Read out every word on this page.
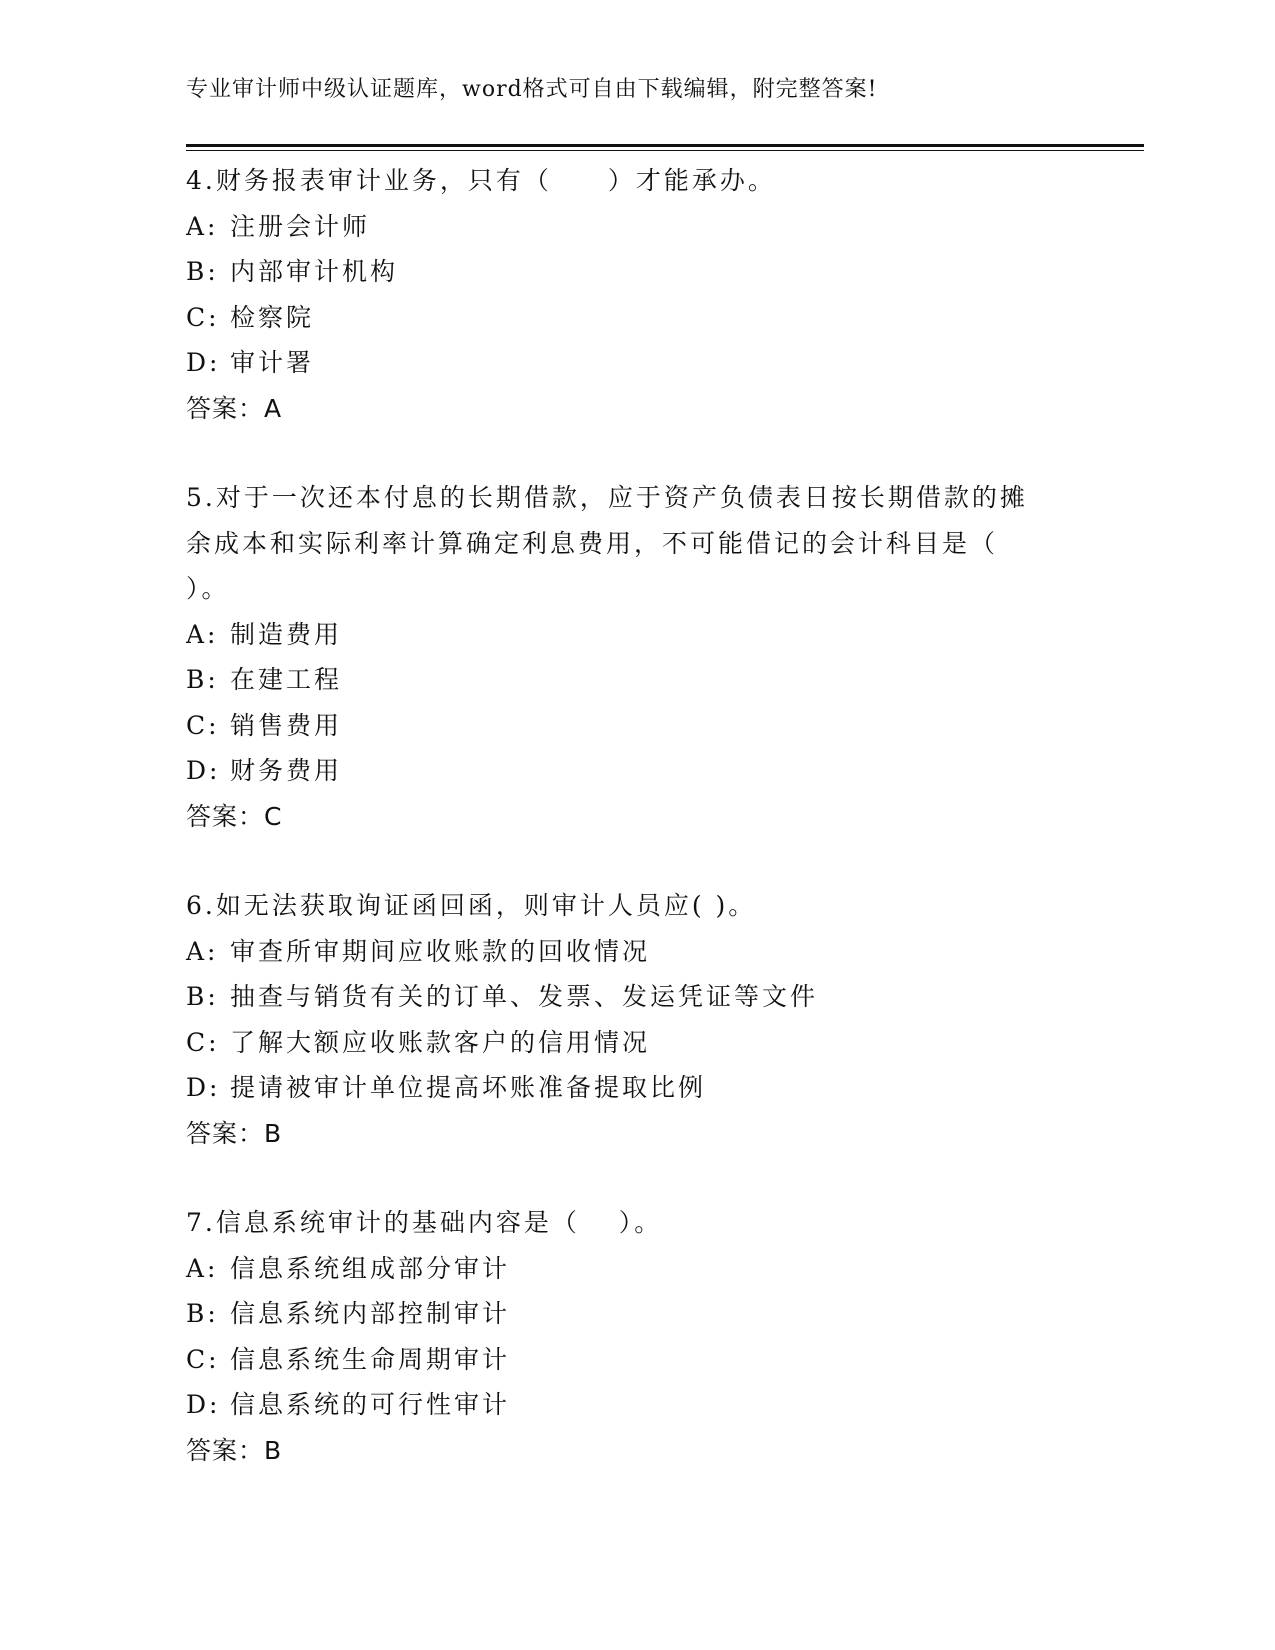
专业审计师中级认证题库，word格式可自由下载编辑，附完整答案!
4.财务报表审计业务，只有（　　）才能承办。
A: 注册会计师
B: 内部审计机构
C: 检察院
D: 审计署
答案：A
5.对于一次还本付息的长期借款，应于资产负债表日按长期借款的摊
余成本和实际利率计算确定利息费用，不可能借记的会计科目是（
）。
A: 制造费用
B: 在建工程
C: 销售费用
D: 财务费用
答案：C
6.如无法获取询证函回函，则审计人员应( )。
A: 审查所审期间应收账款的回收情况
B: 抽查与销货有关的订单、发票、发运凭证等文件
C: 了解大额应收账款客户的信用情况
D: 提请被审计单位提高坏账准备提取比例
答案：B
7.信息系统审计的基础内容是（　 ）。
A: 信息系统组成部分审计
B: 信息系统内部控制审计
C: 信息系统生命周期审计
D: 信息系统的可行性审计
答案：B
